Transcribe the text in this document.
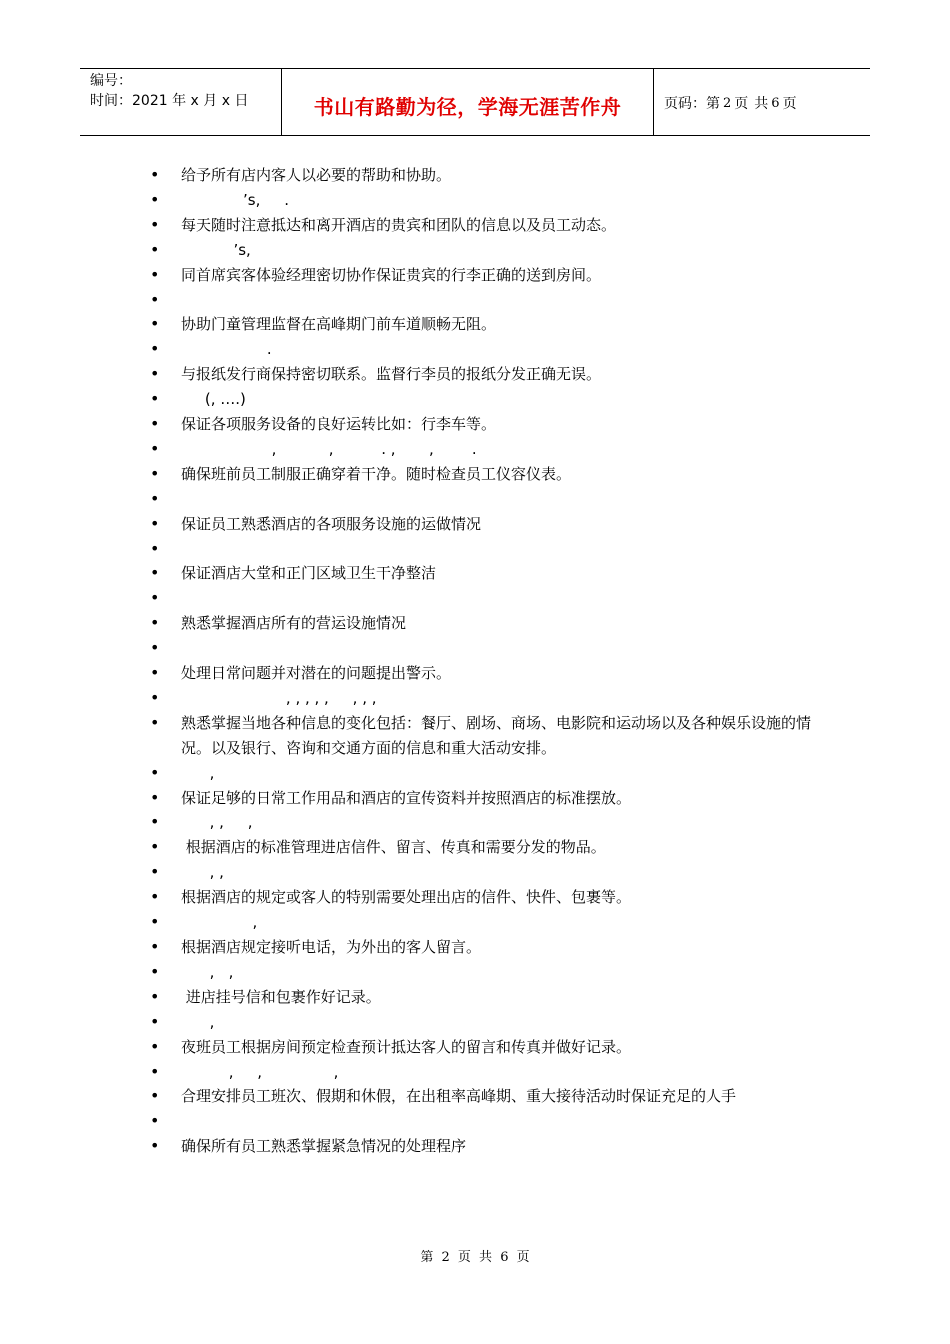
编号：
时间：2021 年 x 月 x 日	书山有路勤为径，学海无涯苦作舟	页码：第 2 页 共 6 页
• 给予所有店内客人以必要的帮助和协助。
•              ’s,     .
• 每天随时注意抵达和离开酒店的贵宾和团队的信息以及员工动态。
•            ’s,
• 同首席宾客体验经理密切协作保证贵宾的行李正确的送到房间。
•
• 协助门童管理监督在高峰期门前车道顺畅无阻。
•                   .
• 与报纸发行商保持密切联系。监督行李员的报纸分发正确无误。
•      (, ….)
• 保证各项服务设备的良好运转比如：行李车等。
•                    ,           ,          . ,       ,        .
• 确保班前员工制服正确穿着干净。随时检查员工仪容仪表。
•
• 保证员工熟悉酒店的各项服务设施的运做情况
•
• 保证酒店大堂和正门区域卫生干净整洁
•
• 熟悉掌握酒店所有的营运设施情况
•
• 处理日常问题并对潜在的问题提出警示。
•                       , , , , ,     , , ,
• 熟悉掌握当地各种信息的变化包括：餐厅、剧场、商场、电影院和运动场以及各种娱乐设施的情况。以及银行、咨询和交通方面的信息和重大活动安排。
•       ,
• 保证足够的日常工作用品和酒店的宣传资料并按照酒店的标准摆放。
•       , ,     ,
•  根据酒店的标准管理进店信件、留言、传真和需要分发的物品。
•       , ,
• 根据酒店的规定或客人的特别需要处理出店的信件、快件、包裹等。
•                ,
• 根据酒店规定接听电话，为外出的客人留言。
•       ,   ,
•  进店挂号信和包裹作好记录。
•       ,
• 夜班员工根据房间预定检查预计抵达客人的留言和传真并做好记录。
•           ,     ,               ,
• 合理安排员工班次、假期和休假，在出租率高峰期、重大接待活动时保证充足的人手
•
• 确保所有员工熟悉掌握紧急情况的处理程序
第 2 页 共 6 页
